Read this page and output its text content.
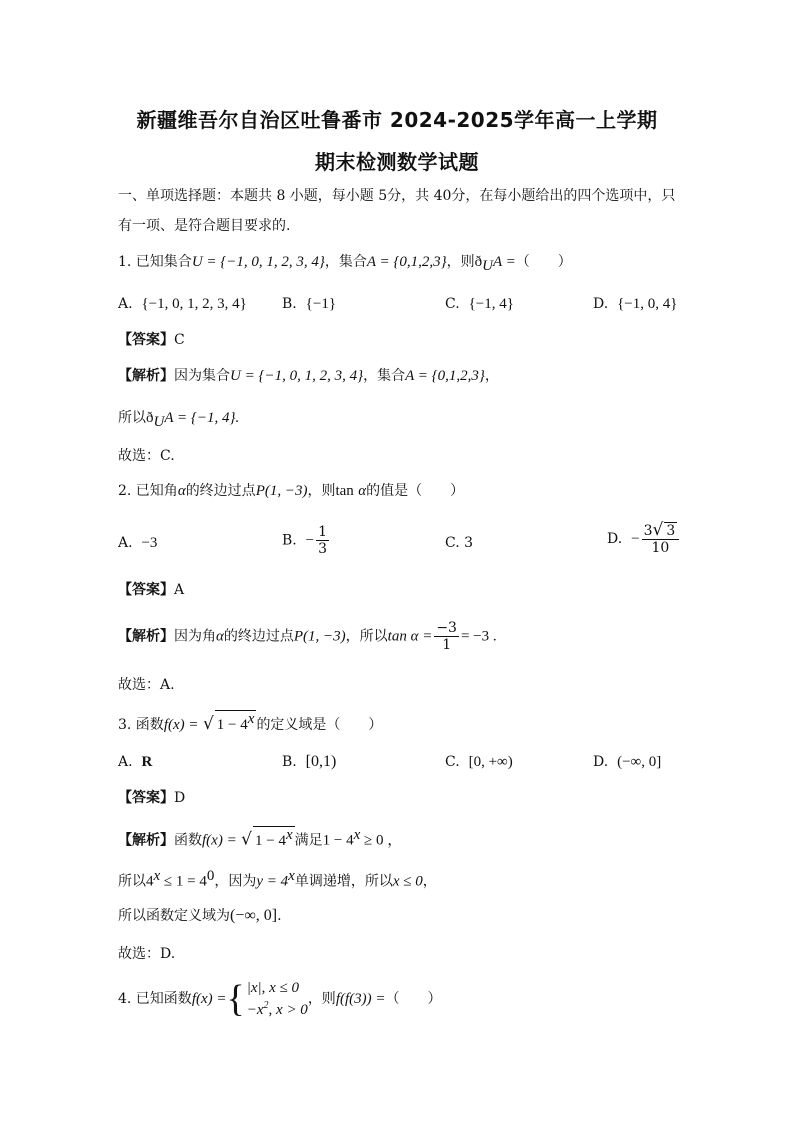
新疆维吾尔自治区吐鲁番市 2024-2025学年高一上学期
期末检测数学试题
一、单项选择题：本题共 8 小题，每小题 5分，共 40分，在每小题给出的四个选项中，只
有一项、是符合题目要求的.
1. 已知集合U = {−1, 0, 1, 2, 3, 4}，集合A = {0,1,2,3}，则$ð_UA$ =（　　）
A. {−1, 0, 1, 2, 3, 4}	B. {−1}	C. {−1, 4}	D. {−1, 0, 4}
【答案】C
【解析】因为集合U = {−1, 0, 1, 2, 3, 4}，集合A = {0,1,2,3}，
所以$ð_UA = \{-1$, 4}.
故选：C.
2. 已知角α的终边过点P(1, −3)，则tan α的值是（　　）
A. −3	B. − $\frac{1}{3}$	C. 3	D. − $\frac{3√ 3}{10}$
【答案】A
【解析】因为角α的终边过点P(1, −3)，所以$\tan \alpha = \frac{-3}{1} = -3$ .
故选：A.
3. 函数f(x) = √ $1 - 4^x$ 的定义域是（　　）
A. R	B. [0,1)	C. [0, +∞)	D. (−∞, 0]
【答案】D
【解析】函数f(x) = √ $1 - 4^x$ 满足$1 - 4^x \ge 0$ ，
所以$4^x \le 1 = 4^0$，因为$y = 4^x$单调递增，所以x ≤ 0，
所以函数定义域为(−∞, 0].
故选：D.
4. 已知函数f(x) = { |x|, x ≤ 0
$-x^2$, x > 0
，则f(f(3)) =（　　）
